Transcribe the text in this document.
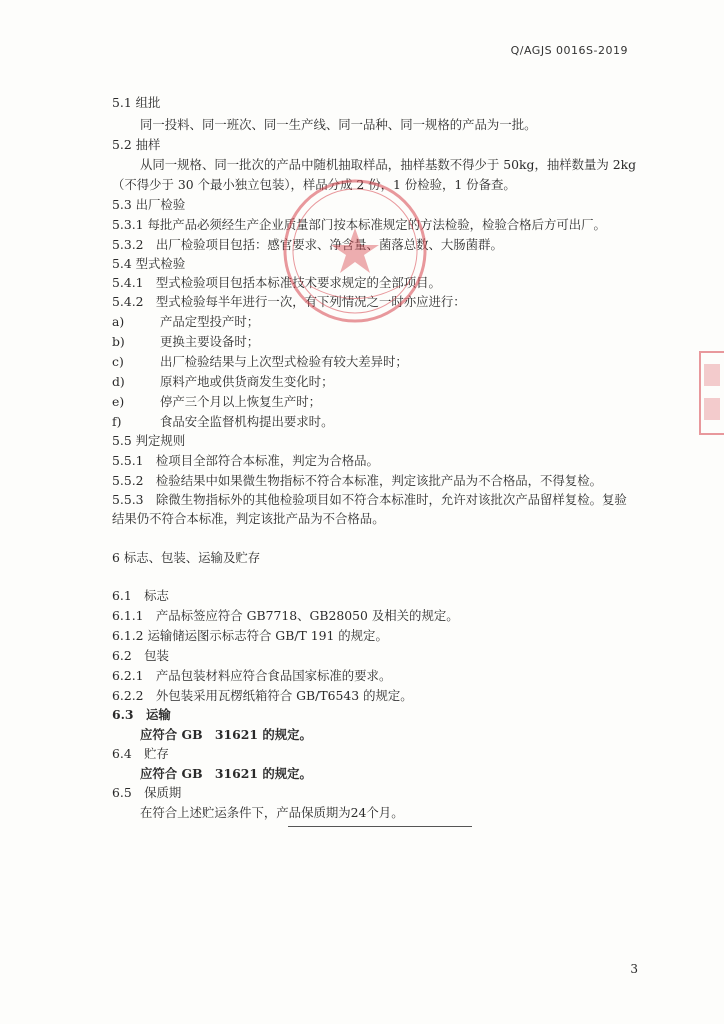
Q/AGJS 0016S-2019
5.1 组批
同一投料、同一班次、同一生产线、同一品种、同一规格的产品为一批。
5.2 抽样
从同一规格、同一批次的产品中随机抽取样品，抽样基数不得少于 50kg，抽样数量为 2kg
（不得少于 30 个最小独立包装），样品分成 2 份，1 份检验，1 份备查。
5.3 出厂检验
5.3.1 每批产品必须经生产企业质量部门按本标准规定的方法检验，检验合格后方可出厂。
5.3.2　出厂检验项目包括：感官要求、净含量、菌落总数、大肠菌群。
5.4 型式检验
5.4.1　型式检验项目包括本标准技术要求规定的全部项目。
5.4.2　型式检验每半年进行一次，有下列情况之一时亦应进行：
a)	产品定型投产时；
b)	更换主要设备时；
c)	出厂检验结果与上次型式检验有较大差异时；
d)	原料产地或供货商发生变化时；
e)	停产三个月以上恢复生产时；
f)	食品安全监督机构提出要求时。
5.5 判定规则
5.5.1　检项目全部符合本标准，判定为合格品。
5.5.2　检验结果中如果微生物指标不符合本标准，判定该批产品为不合格品，不得复检。
5.5.3　除微生物指标外的其他检验项目如不符合本标准时，允许对该批次产品留样复检。复验
结果仍不符合本标准，判定该批产品为不合格品。
6 标志、包装、运输及贮存
6.1　标志
6.1.1　产品标签应符合 GB7718、GB28050 及相关的规定。
6.1.2 运输储运图示标志符合 GB/T 191 的规定。
6.2　包装
6.2.1　产品包装材料应符合食品国家标准的要求。
6.2.2　外包装采用瓦楞纸箱符合 GB/T6543 的规定。
6.3　运输
应符合 GB　31621 的规定。
6.4　贮存
应符合 GB　31621 的规定。
6.5　保质期
在符合上述贮运条件下，产品保质期为24个月。
3
